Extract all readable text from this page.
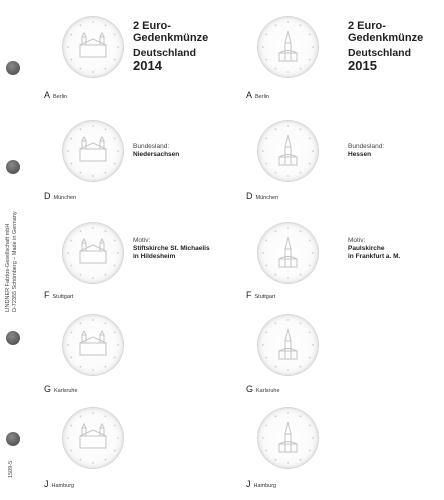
LINDNER Falzlos-Gesellschaft mbH D-72355 Schömberg – Made in Germany
1509-5
A Berlin
D München
F Stuttgart
G Karlsruhe
J Hamburg
A Berlin
D München
F Stuttgart
G Karlsruhe
J Hamburg
2 Euro-
Gedenkmünze
Deutschland
2014
2 Euro-
Gedenkmünze
Deutschland
2015
Bundesland:
Niedersachsen
Bundesland:
Hessen
Motiv:
Stiftskirche St. Michaelis
in Hildesheim
Motiv:
Paulskirche
in Frankfurt a. M.
